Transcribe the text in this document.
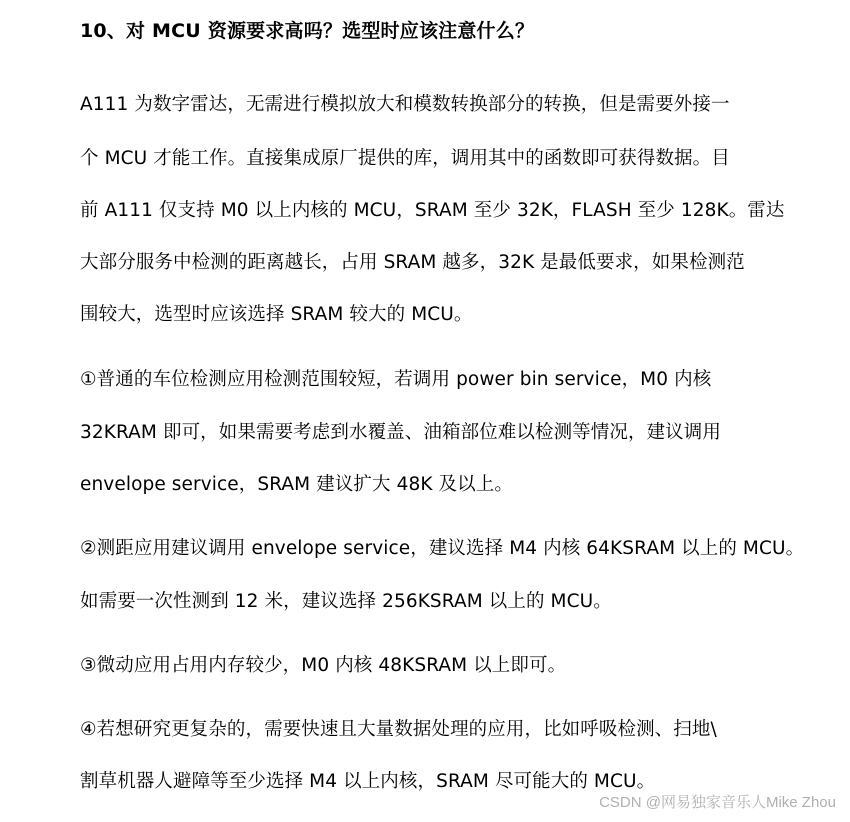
10、对 MCU 资源要求高吗？选型时应该注意什么？
A111 为数字雷达，无需进行模拟放大和模数转换部分的转换，但是需要外接一
个 MCU 才能工作。直接集成原厂提供的库，调用其中的函数即可获得数据。目
前 A111 仅支持 M0 以上内核的 MCU，SRAM 至少 32K，FLASH 至少 128K。雷达
大部分服务中检测的距离越长，占用 SRAM 越多，32K 是最低要求，如果检测范
围较大，选型时应该选择 SRAM 较大的 MCU。
①普通的车位检测应用检测范围较短，若调用 power bin service，M0 内核
32KRAM 即可，如果需要考虑到水覆盖、油箱部位难以检测等情况，建议调用
envelope service，SRAM 建议扩大 48K 及以上。
②测距应用建议调用 envelope service，建议选择 M4 内核 64KSRAM 以上的 MCU。
如需要一次性测到 12 米，建议选择 256KSRAM 以上的 MCU。
③微动应用占用内存较少，M0 内核 48KSRAM 以上即可。
④若想研究更复杂的，需要快速且大量数据处理的应用，比如呼吸检测、扫地\
割草机器人避障等至少选择 M4 以上内核，SRAM 尽可能大的 MCU。
CSDN @网易独家音乐人Mike Zhou
